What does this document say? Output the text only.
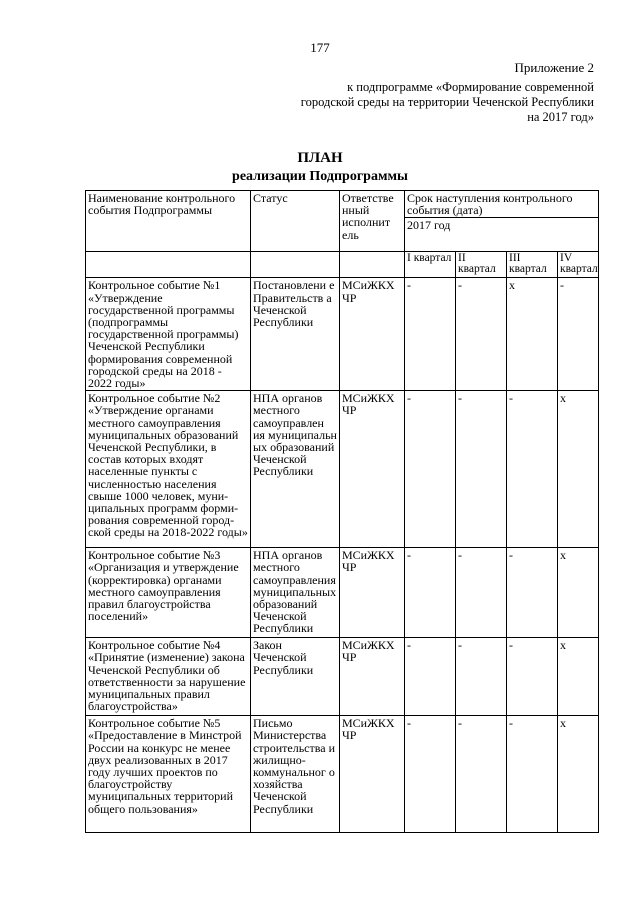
177
Приложение 2
к подпрограмме «Формирование современной городской среды на территории Чеченской Республики на 2017 год»
ПЛАН
реализации Подпрограммы
Наименование контрольного события Подпрограммы	Статус	Ответстве нный исполнит ель	Срок наступления контрольного события (дата)			
			2017 год			
			I квартал	II квартал	III квартал	IV квартал
Контрольное событие №1 «Утверждение государственной программы (подпрограммы государственной программы) Чеченской Республики формирования современной городской среды на 2018 - 2022 годы»	Постановлени е Правительств а Чеченской Республики	МСиЖКХ ЧР	-	-	x	-
Контрольное событие №2 «Утверждение органами местного самоуправления муниципальных образований Чеченской Республики, в состав которых входят населенные пункты с численностью населения свыше 1000 человек, муни-ципальных программ форми-рования современной город-ской среды на 2018-2022 годы»	НПА органов местного самоуправлен ия муниципальн ых образований Чеченской Республики	МСиЖКХ ЧР	-	-	-	x
Контрольное событие №3 «Организация и утверждение (корректировка) органами местного самоуправления правил благоустройства поселений»	НПА органов местного самоуправления муниципальных образований Чеченской Республики	МСиЖКХ ЧР	-	-	-	x
Контрольное событие №4 «Принятие (изменение) закона Чеченской Республики об ответственности за нарушение муниципальных правил благоустройства»	Закон Чеченской Республики	МСиЖКХ ЧР	-	-	-	x
Контрольное событие №5 «Предоставление в Минстрой России на конкурс не менее двух реализованных в 2017 году лучших проектов по благоустройству муниципальных территорий общего пользования»	Письмо Министерства строительства и жилищно-коммунальног о хозяйства Чеченской Республики	МСиЖКХ ЧР	-	-	-	x
